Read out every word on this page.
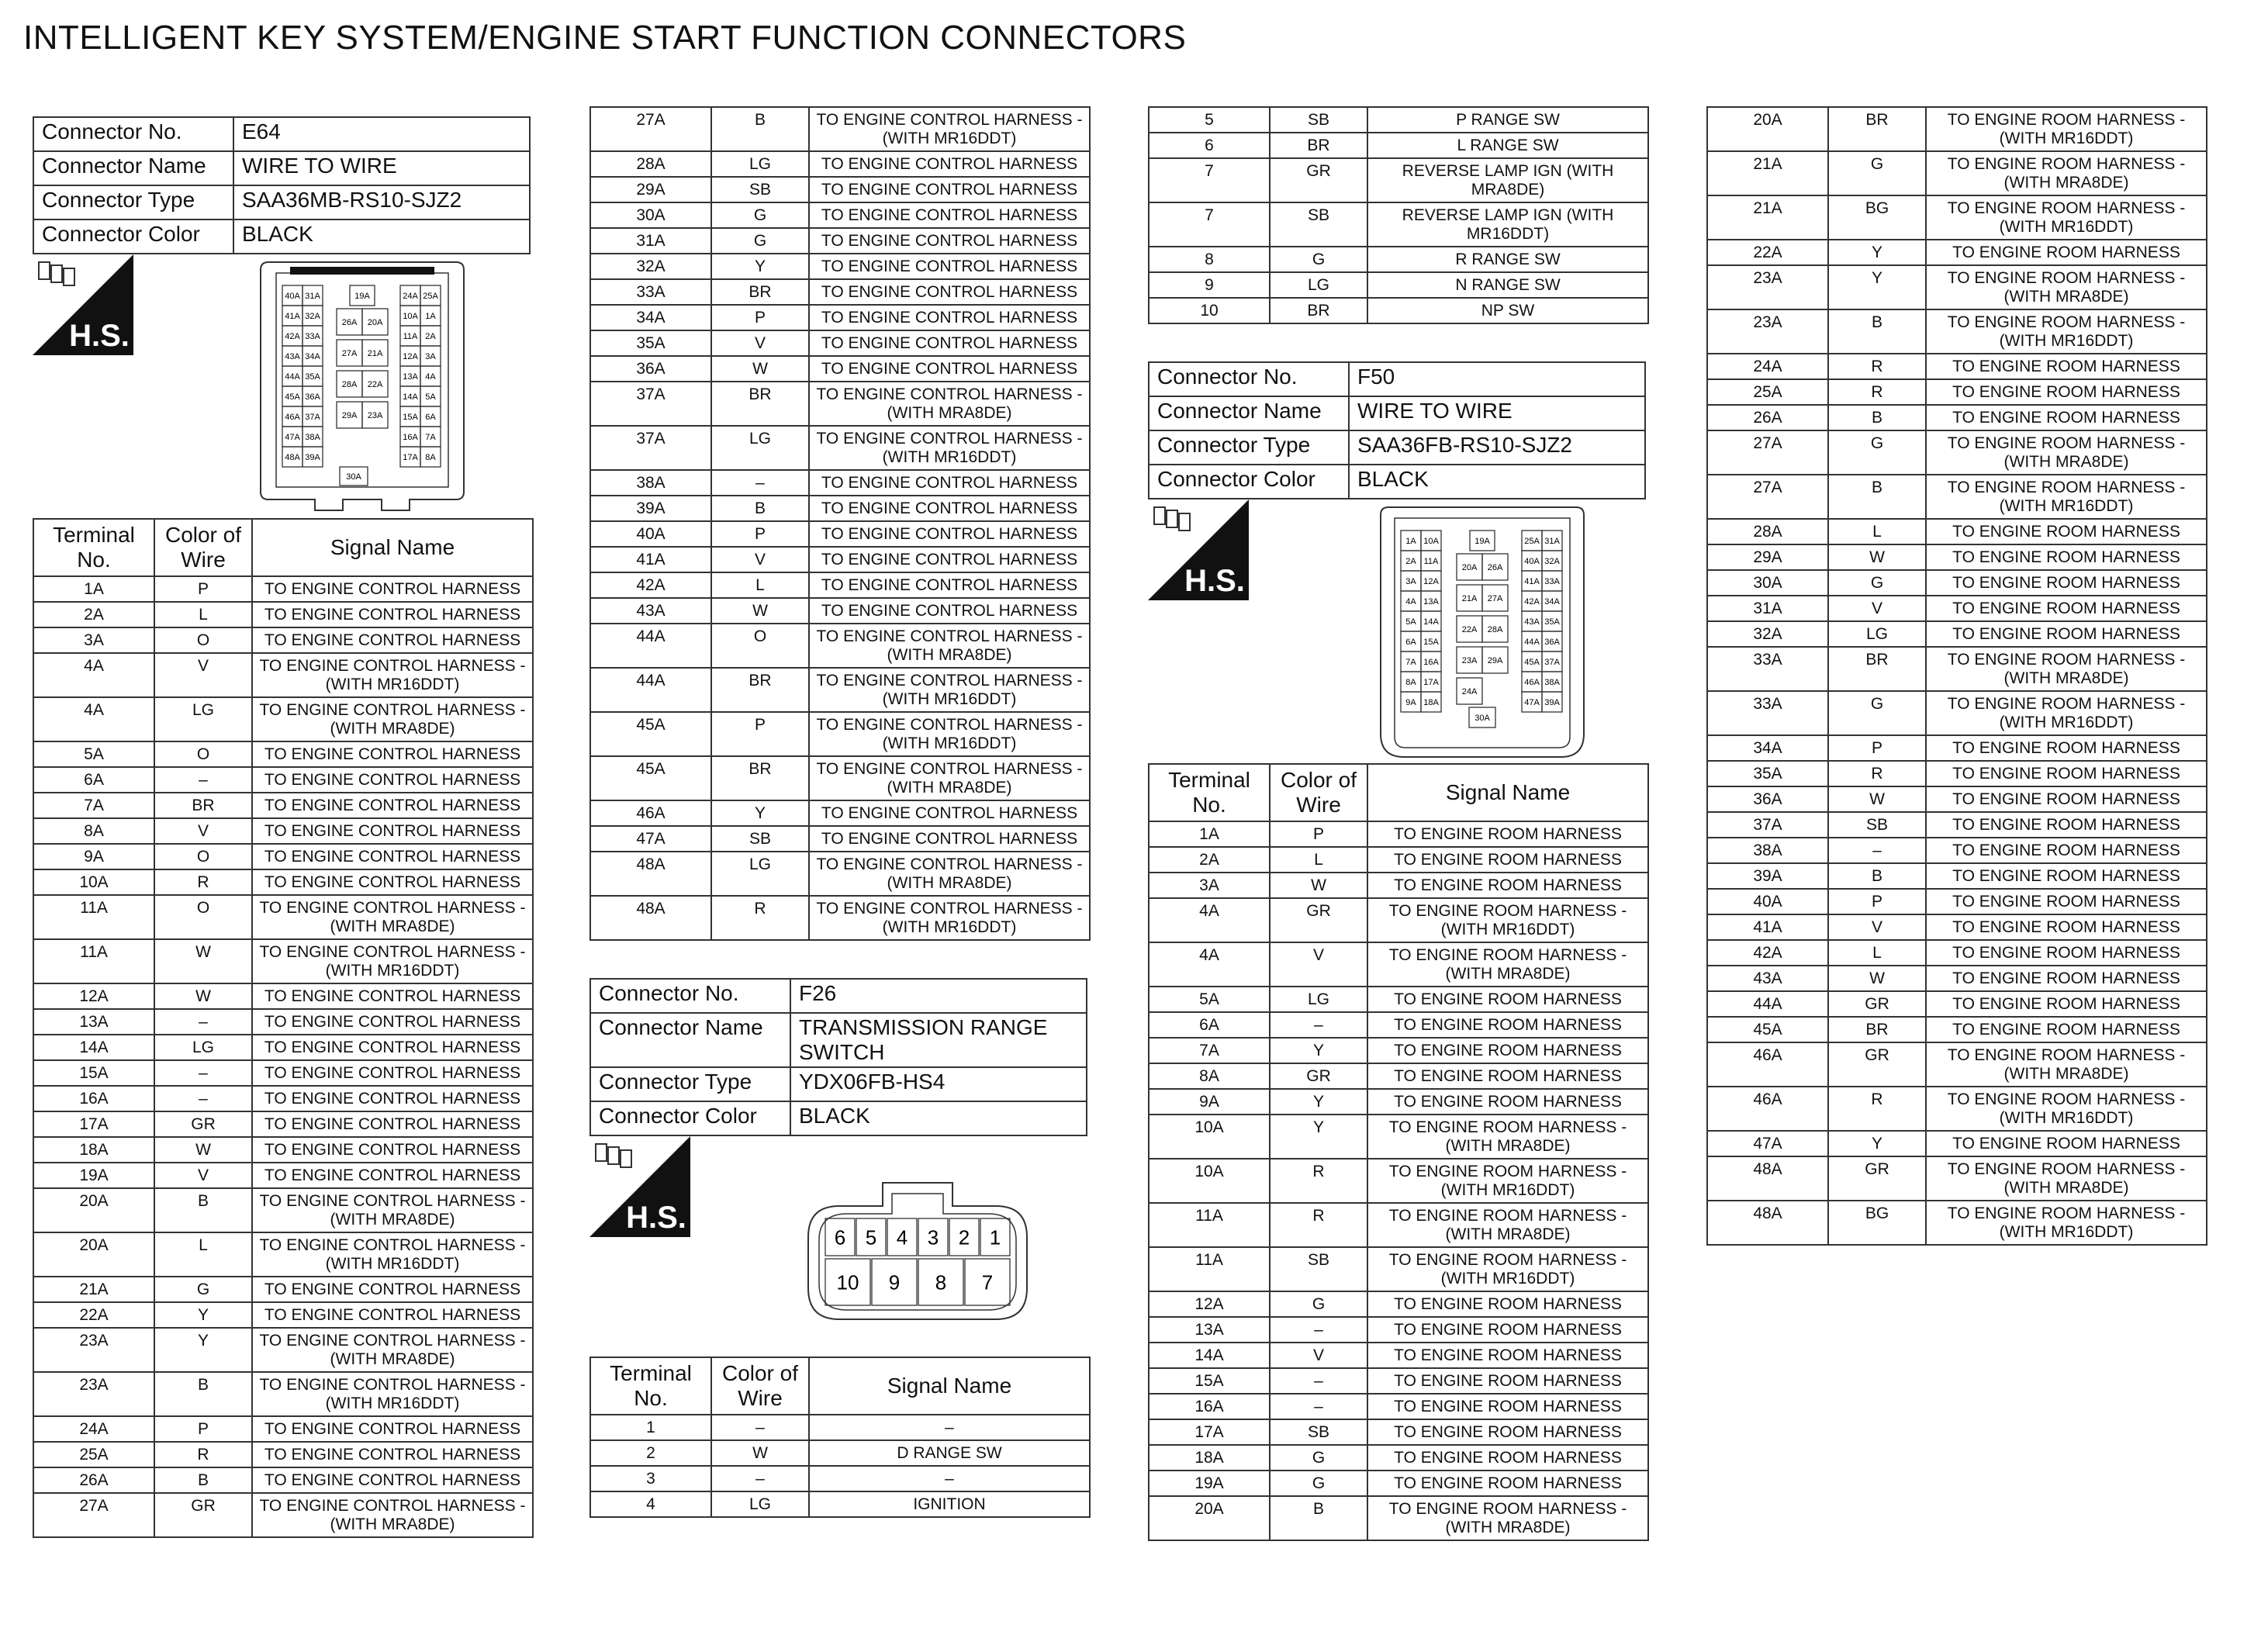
INTELLIGENT KEY SYSTEM/ENGINE START FUNCTION CONNECTORS
Connector No.	E64
Connector Name	WIRE TO WIRE
Connector Type	SAA36MB-RS10-SJZ2
Connector Color	BLACK
H.S.
40A 31A
41A 32A
42A 33A
43A 34A
44A 35A
45A 36A
46A 37A
47A 38A
48A 39A
19A
26A 20A
27A 21A
28A 22A
29A 23A
30A
24A 25A
10A 1A
11A 2A
12A 3A
13A 4A
14A 5A
15A 6A
16A 7A
17A 8A
Terminal No.	Color of Wire	Signal Name
1A	P	TO ENGINE CONTROL HARNESS
2A	L	TO ENGINE CONTROL HARNESS
3A	O	TO ENGINE CONTROL HARNESS
4A	V	TO ENGINE CONTROL HARNESS - (WITH MR16DDT)
4A	LG	TO ENGINE CONTROL HARNESS - (WITH MRA8DE)
5A	O	TO ENGINE CONTROL HARNESS
6A	–	TO ENGINE CONTROL HARNESS
7A	BR	TO ENGINE CONTROL HARNESS
8A	V	TO ENGINE CONTROL HARNESS
9A	O	TO ENGINE CONTROL HARNESS
10A	R	TO ENGINE CONTROL HARNESS
11A	O	TO ENGINE CONTROL HARNESS - (WITH MRA8DE)
11A	W	TO ENGINE CONTROL HARNESS - (WITH MR16DDT)
12A	W	TO ENGINE CONTROL HARNESS
13A	–	TO ENGINE CONTROL HARNESS
14A	LG	TO ENGINE CONTROL HARNESS
15A	–	TO ENGINE CONTROL HARNESS
16A	–	TO ENGINE CONTROL HARNESS
17A	GR	TO ENGINE CONTROL HARNESS
18A	W	TO ENGINE CONTROL HARNESS
19A	V	TO ENGINE CONTROL HARNESS
20A	B	TO ENGINE CONTROL HARNESS - (WITH MRA8DE)
20A	L	TO ENGINE CONTROL HARNESS - (WITH MR16DDT)
21A	G	TO ENGINE CONTROL HARNESS
22A	Y	TO ENGINE CONTROL HARNESS
23A	Y	TO ENGINE CONTROL HARNESS - (WITH MRA8DE)
23A	B	TO ENGINE CONTROL HARNESS - (WITH MR16DDT)
24A	P	TO ENGINE CONTROL HARNESS
25A	R	TO ENGINE CONTROL HARNESS
26A	B	TO ENGINE CONTROL HARNESS
27A	GR	TO ENGINE CONTROL HARNESS - (WITH MRA8DE)
27A	B	TO ENGINE CONTROL HARNESS - (WITH MR16DDT)
28A	LG	TO ENGINE CONTROL HARNESS
29A	SB	TO ENGINE CONTROL HARNESS
30A	G	TO ENGINE CONTROL HARNESS
31A	G	TO ENGINE CONTROL HARNESS
32A	Y	TO ENGINE CONTROL HARNESS
33A	BR	TO ENGINE CONTROL HARNESS
34A	P	TO ENGINE CONTROL HARNESS
35A	V	TO ENGINE CONTROL HARNESS
36A	W	TO ENGINE CONTROL HARNESS
37A	BR	TO ENGINE CONTROL HARNESS - (WITH MRA8DE)
37A	LG	TO ENGINE CONTROL HARNESS - (WITH MR16DDT)
38A	–	TO ENGINE CONTROL HARNESS
39A	B	TO ENGINE CONTROL HARNESS
40A	P	TO ENGINE CONTROL HARNESS
41A	V	TO ENGINE CONTROL HARNESS
42A	L	TO ENGINE CONTROL HARNESS
43A	W	TO ENGINE CONTROL HARNESS
44A	O	TO ENGINE CONTROL HARNESS - (WITH MRA8DE)
44A	BR	TO ENGINE CONTROL HARNESS - (WITH MR16DDT)
45A	P	TO ENGINE CONTROL HARNESS - (WITH MR16DDT)
45A	BR	TO ENGINE CONTROL HARNESS - (WITH MRA8DE)
46A	Y	TO ENGINE CONTROL HARNESS
47A	SB	TO ENGINE CONTROL HARNESS
48A	LG	TO ENGINE CONTROL HARNESS - (WITH MRA8DE)
48A	R	TO ENGINE CONTROL HARNESS - (WITH MR16DDT)
Connector No.	F26
Connector Name	TRANSMISSION RANGE SWITCH
Connector Type	YDX06FB-HS4
Connector Color	BLACK
H.S.
6 5 4 3 2 1
10 9 8 7
Terminal No.	Color of Wire	Signal Name
1	–	–
2	W	D RANGE SW
3	–	–
4	LG	IGNITION
5	SB	P RANGE SW
6	BR	L RANGE SW
7	GR	REVERSE LAMP IGN (WITH MRA8DE)
7	SB	REVERSE LAMP IGN (WITH MR16DDT)
8	G	R RANGE SW
9	LG	N RANGE SW
10	BR	NP SW
Connector No.	F50
Connector Name	WIRE TO WIRE
Connector Type	SAA36FB-RS10-SJZ2
Connector Color	BLACK
H.S.
1A 10A
2A 11A
3A 12A
4A 13A
5A 14A
6A 15A
7A 16A
8A 17A
9A 18A
19A
20A 26A
21A 27A
22A 28A
23A 29A
24A
30A
25A 31A
40A 32A
41A 33A
42A 34A
43A 35A
44A 36A
45A 37A
46A 38A
47A 39A
Terminal No.	Color of Wire	Signal Name
1A	P	TO ENGINE ROOM HARNESS
2A	L	TO ENGINE ROOM HARNESS
3A	W	TO ENGINE ROOM HARNESS
4A	GR	TO ENGINE ROOM HARNESS - (WITH MR16DDT)
4A	V	TO ENGINE ROOM HARNESS - (WITH MRA8DE)
5A	LG	TO ENGINE ROOM HARNESS
6A	–	TO ENGINE ROOM HARNESS
7A	Y	TO ENGINE ROOM HARNESS
8A	GR	TO ENGINE ROOM HARNESS
9A	Y	TO ENGINE ROOM HARNESS
10A	Y	TO ENGINE ROOM HARNESS - (WITH MRA8DE)
10A	R	TO ENGINE ROOM HARNESS - (WITH MR16DDT)
11A	R	TO ENGINE ROOM HARNESS - (WITH MRA8DE)
11A	SB	TO ENGINE ROOM HARNESS - (WITH MR16DDT)
12A	G	TO ENGINE ROOM HARNESS
13A	–	TO ENGINE ROOM HARNESS
14A	V	TO ENGINE ROOM HARNESS
15A	–	TO ENGINE ROOM HARNESS
16A	–	TO ENGINE ROOM HARNESS
17A	SB	TO ENGINE ROOM HARNESS
18A	G	TO ENGINE ROOM HARNESS
19A	G	TO ENGINE ROOM HARNESS
20A	B	TO ENGINE ROOM HARNESS - (WITH MRA8DE)
20A	BR	TO ENGINE ROOM HARNESS - (WITH MR16DDT)
21A	G	TO ENGINE ROOM HARNESS - (WITH MRA8DE)
21A	BG	TO ENGINE ROOM HARNESS - (WITH MR16DDT)
22A	Y	TO ENGINE ROOM HARNESS
23A	Y	TO ENGINE ROOM HARNESS - (WITH MRA8DE)
23A	B	TO ENGINE ROOM HARNESS - (WITH MR16DDT)
24A	R	TO ENGINE ROOM HARNESS
25A	R	TO ENGINE ROOM HARNESS
26A	B	TO ENGINE ROOM HARNESS
27A	G	TO ENGINE ROOM HARNESS - (WITH MRA8DE)
27A	B	TO ENGINE ROOM HARNESS - (WITH MR16DDT)
28A	L	TO ENGINE ROOM HARNESS
29A	W	TO ENGINE ROOM HARNESS
30A	G	TO ENGINE ROOM HARNESS
31A	V	TO ENGINE ROOM HARNESS
32A	LG	TO ENGINE ROOM HARNESS
33A	BR	TO ENGINE ROOM HARNESS - (WITH MRA8DE)
33A	G	TO ENGINE ROOM HARNESS - (WITH MR16DDT)
34A	P	TO ENGINE ROOM HARNESS
35A	R	TO ENGINE ROOM HARNESS
36A	W	TO ENGINE ROOM HARNESS
37A	SB	TO ENGINE ROOM HARNESS
38A	–	TO ENGINE ROOM HARNESS
39A	B	TO ENGINE ROOM HARNESS
40A	P	TO ENGINE ROOM HARNESS
41A	V	TO ENGINE ROOM HARNESS
42A	L	TO ENGINE ROOM HARNESS
43A	W	TO ENGINE ROOM HARNESS
44A	GR	TO ENGINE ROOM HARNESS
45A	BR	TO ENGINE ROOM HARNESS
46A	GR	TO ENGINE ROOM HARNESS - (WITH MRA8DE)
46A	R	TO ENGINE ROOM HARNESS - (WITH MR16DDT)
47A	Y	TO ENGINE ROOM HARNESS
48A	GR	TO ENGINE ROOM HARNESS - (WITH MRA8DE)
48A	BG	TO ENGINE ROOM HARNESS - (WITH MR16DDT)
